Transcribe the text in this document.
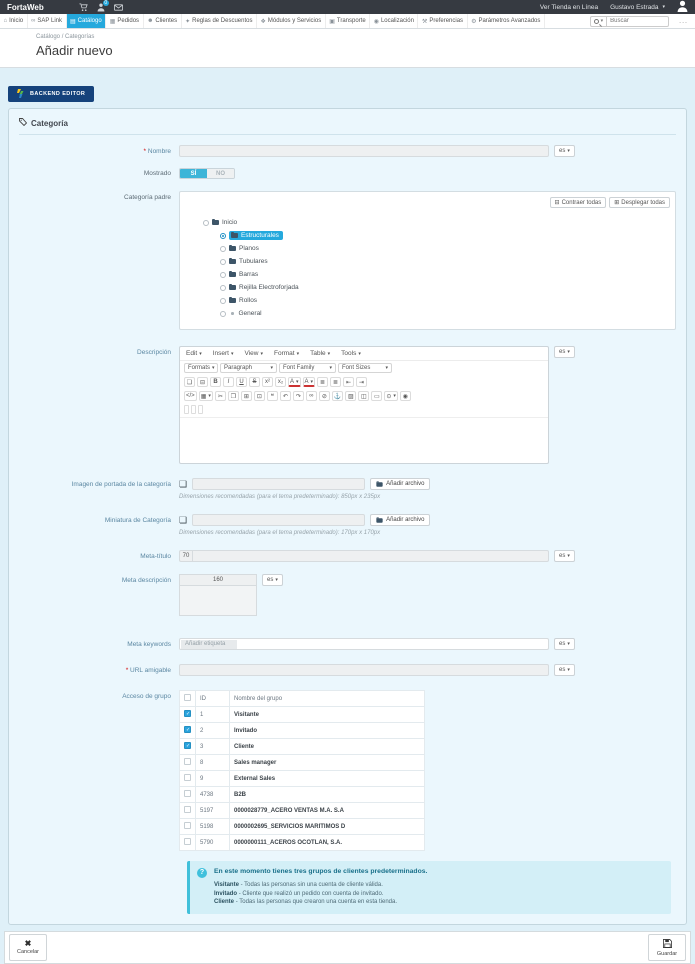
FortaWeb	0
Ver Tienda en Línea Gustavo Estrada
▾
⌂ Inicio ∞ SAP Link ▤ Catálogo ▦ Pedidos ☻ Clientes ✦ Reglas de Descuentos ❖ Módulos y Servicios ▣ Transporte ◉ Localización ⚒ Preferencias ⚙ Parámetros Avanzados ▾
Buscar	...
Catálogo / Categorías
Añadir nuevo
BACKEND EDITOR
Categoría
* Nombre	es ▾
Mostrado	SÍ	NO
Categoría padre
⊟ Contraer todas ⊞ Desplegar todas
Inicio
Estructurales
Planos
Tubulares
Barras
Rejilla Electroforjada
Rollos
General
Descripción	Edit ▾	Insert ▾	View ▾	Format ▾	Table ▾	Tools ▾
Formats ▾	Paragraph ▾	Font Family ▾	Font Sizes ▾
❏	⊟	B	I	U	S	x²	x₂	A ▾	A ▾	≣	≣	⇤	⇥
</>	▦ ▾	✂	❐	⊞	⊡	❝	↶	↷	∞	⊘	⚓	▨	◫	▭	⊙ ▾	◉
es ▾
Imagen de portada de la categoría ❏	Añadir archivo
Dimensiones recomendadas (para el tema predeterminado): 850px x 235px
Miniatura de Categoría ❏	Añadir archivo
Dimensiones recomendadas (para el tema predeterminado): 170px x 170px
Meta-título	70	es ▾
Meta descripción	160	es ▾
Meta keywords	Añadir etiqueta	es ▾
* URL amigable	es ▾
Acceso de grupo
		ID	Nombre del grupo
✓	1	Visitante
✓	2	Invitado
✓	3	Cliente
	8	Sales manager
	9	External Sales
	4738	B2B
	5197	0000028779_ACERO VENTAS M.A. S.A
	5198	0000002695_SERVICIOS MARITIMOS D
	5790	0000000111_ACEROS OCOTLAN, S.A.
?	En este momento tienes tres grupos de clientes predeterminados.
Visitante - Todas las personas sin una cuenta de cliente válida.
Invitado - Cliente que realizó un pedido con cuenta de invitado.
Cliente - Todas las personas que crearon una cuenta en esta tienda.
✖
Cancelar	Guardar
